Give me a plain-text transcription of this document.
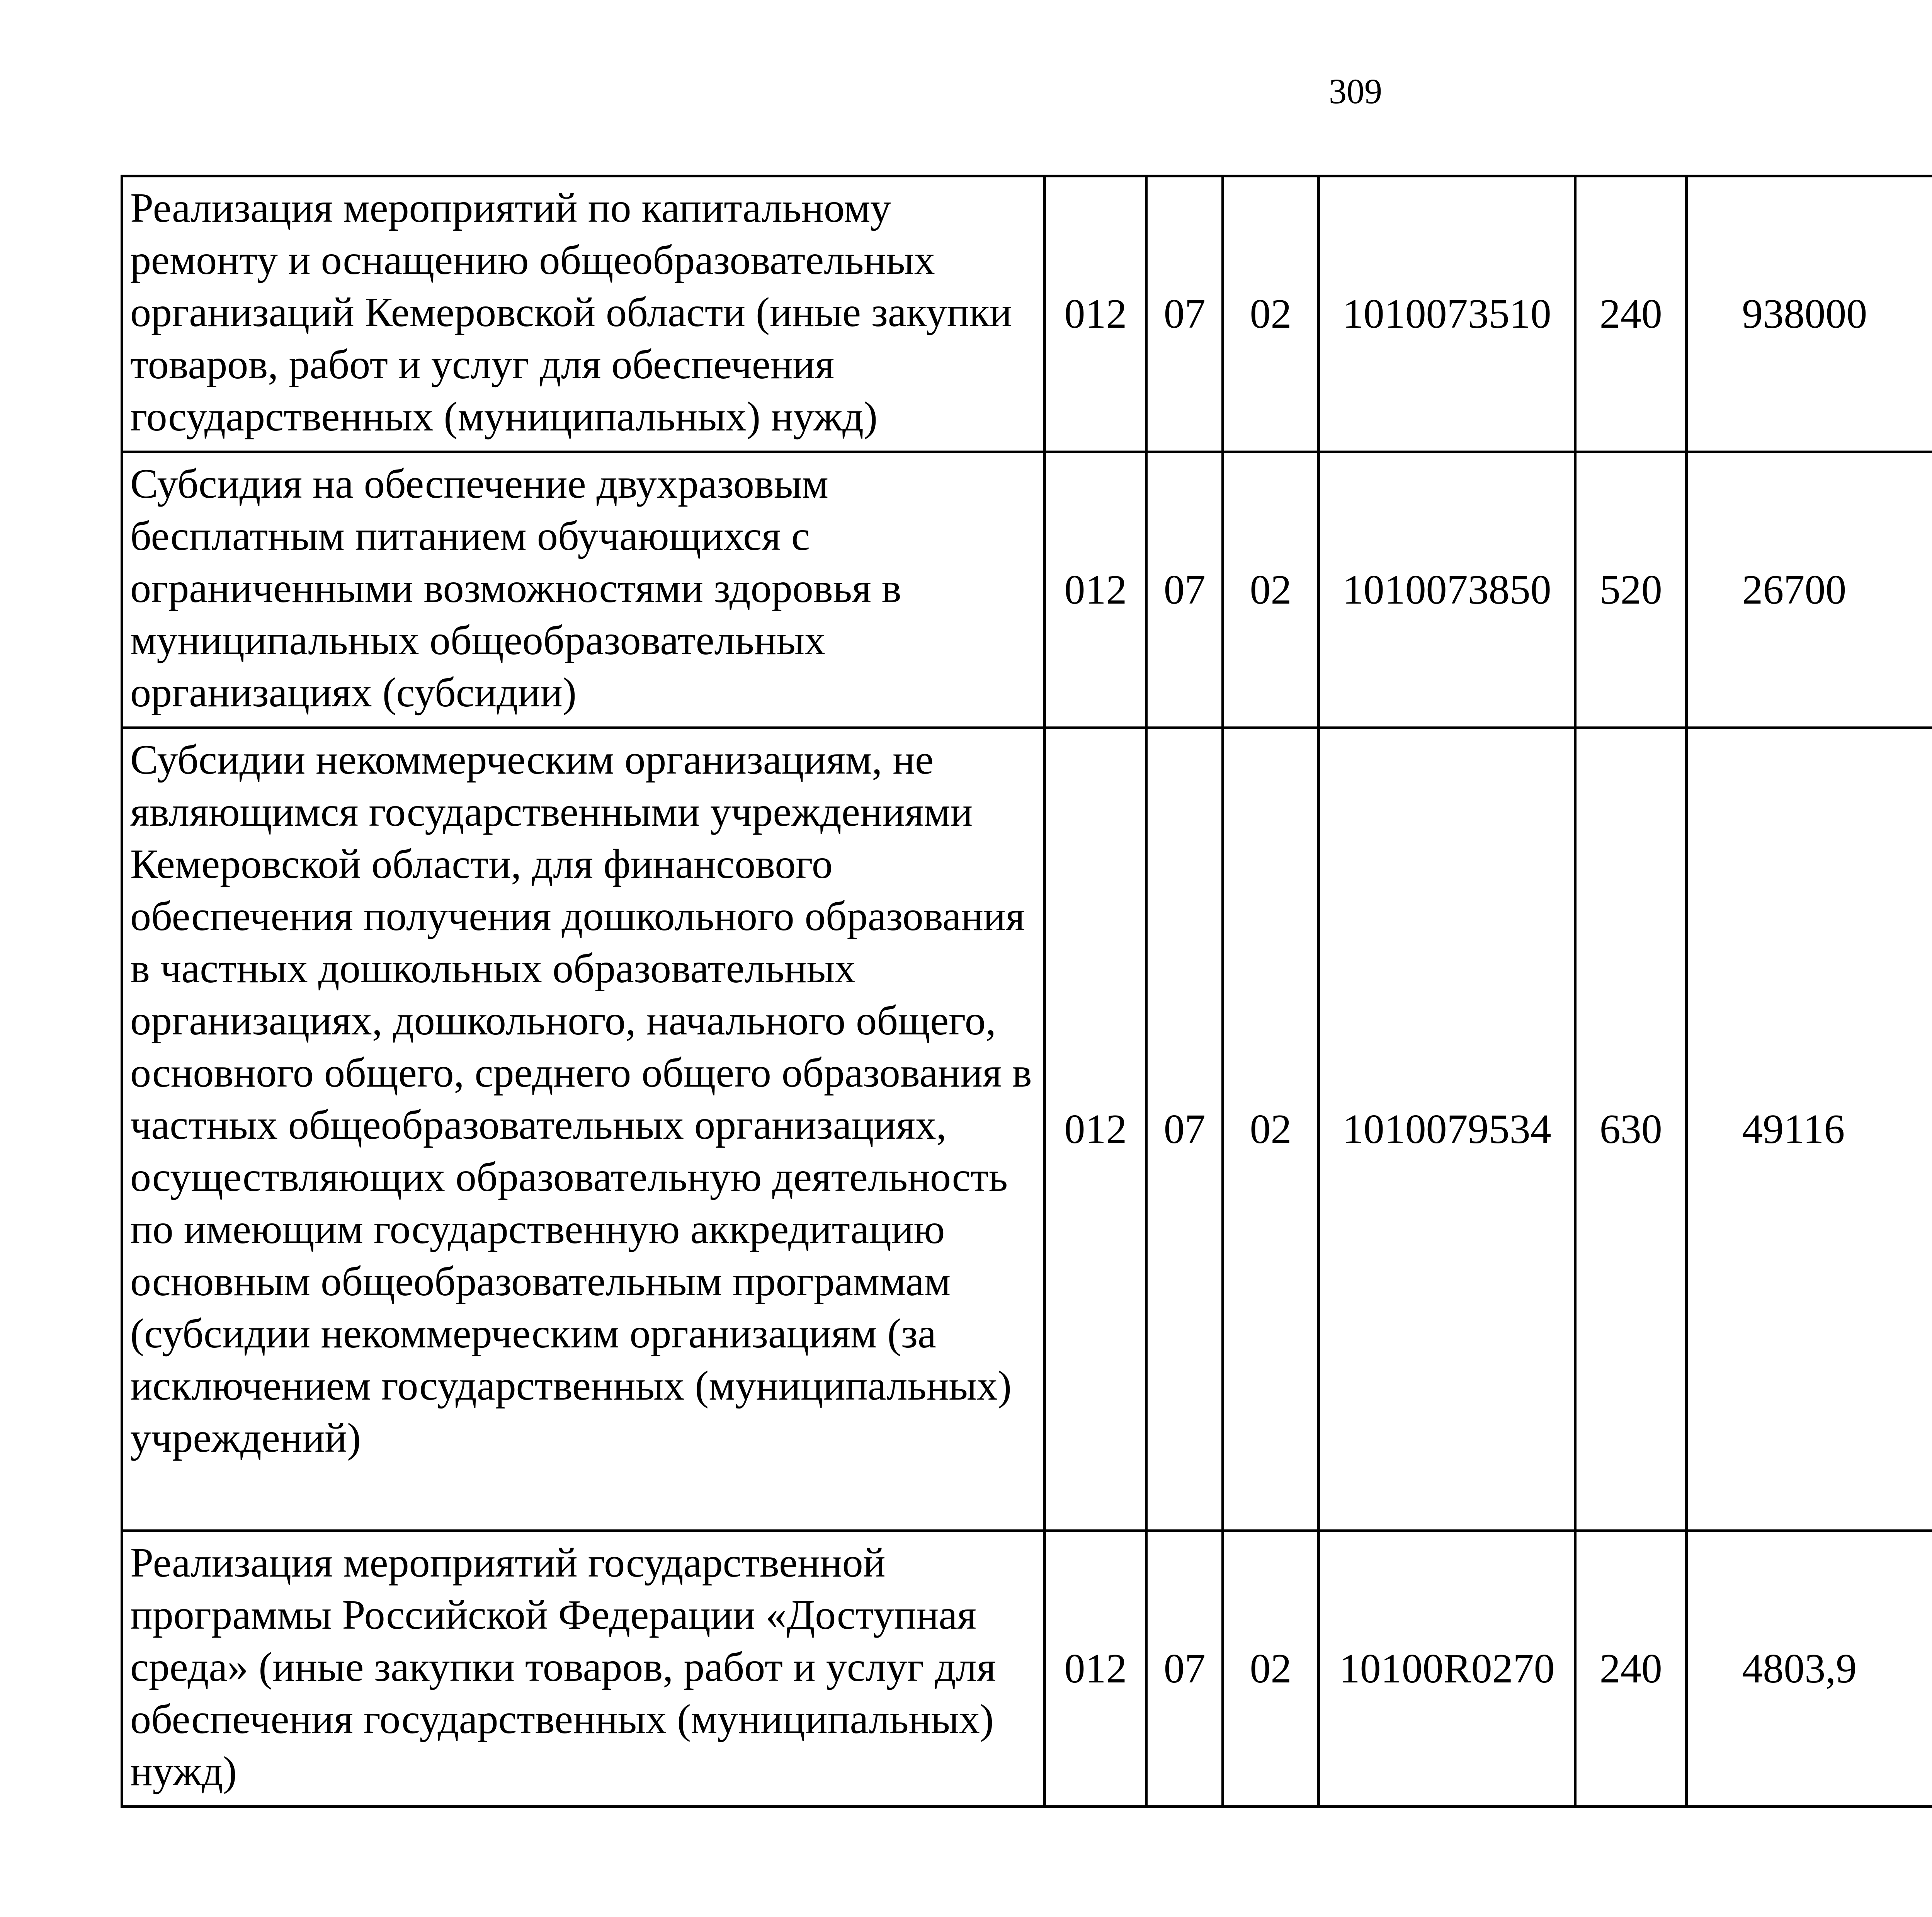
309
Реализация мероприятий по капитальному ремонту и оснащению общеобразовательных организаций Кемеровской области (иные закупки товаров, работ и услуг для обеспечения государственных (муниципальных) нужд)	012	07	02	1010073510	240	938000		
Субсидия на обеспечение двухразовым бесплатным питанием обучающихся с ограниченными возможностями здоровья в муниципальных общеобразовательных организациях (субсидии)	012	07	02	1010073850	520	26700		
Субсидии некоммерческим организациям, не являющимся государственными учреждениями Кемеровской области, для финансового обеспечения получения дошкольного образования в частных дошкольных образовательных организациях, дошкольного, начального общего, основного общего, среднего общего образования в частных общеобразовательных организациях, осуществляющих образовательную деятельность по имеющим государственную аккредитацию основным общеобразовательным программам (субсидии некоммерческим организациям (за исключением государственных (муниципальных) учреждений)	012	07	02	1010079534	630	49116		
Реализация мероприятий государственной программы Российской Федерации «Доступная среда» (иные закупки товаров, работ и услуг для обеспечения государственных (муниципальных) нужд)	012	07	02	10100R0270	240	4803,9		
